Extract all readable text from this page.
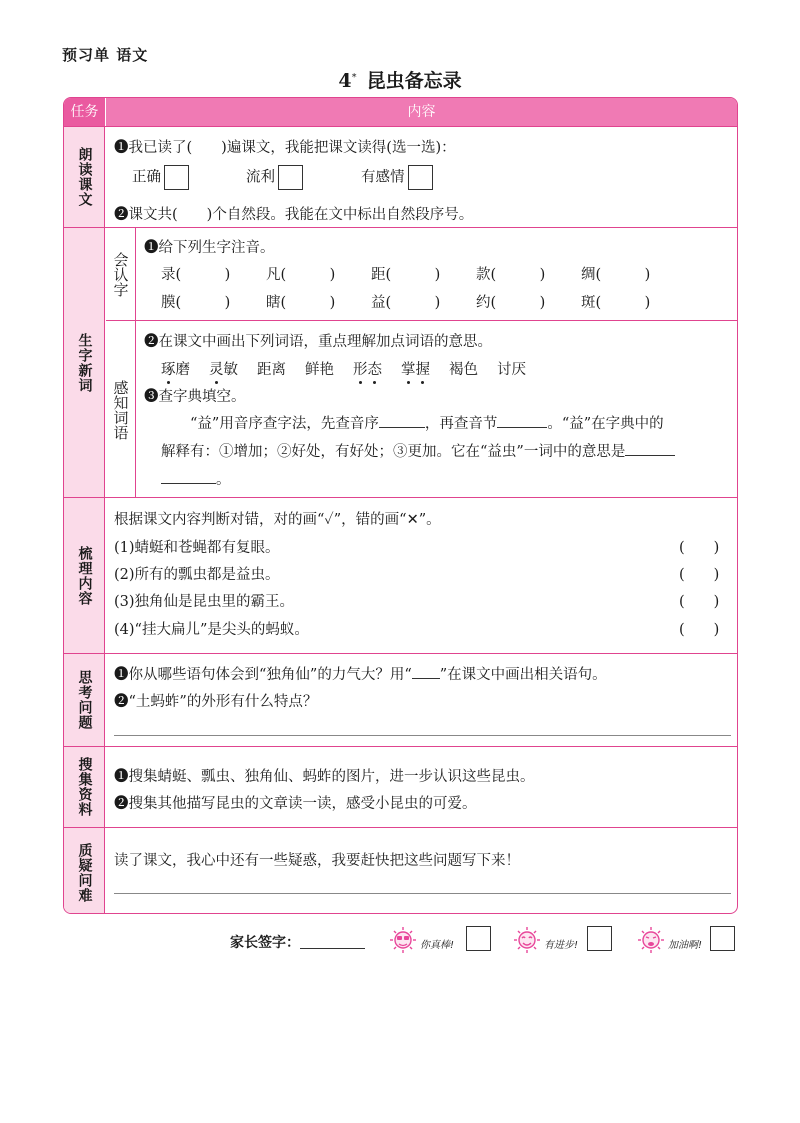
预习单 语文
4* 昆虫备忘录
任务	内容
朗读课文 ❶我已读了(　　)遍课文，我能把课文读得(选一选)：
正确	流利	有感情
❷课文共(　　)个自然段。我能在文中标出自然段序号。
生字新词
会认字
感知词语
❶给下列生字注音。
录(　　　) 凡(　　　) 距(　　　) 款(　　　) 绸(　　　)
膜(　　　) 瞎(　　　) 益(　　　) 约(　　　) 斑(　　　)
❷在课文中画出下列词语，重点理解加点词语的意思。
琢磨 灵敏 距离 鲜艳 形态 掌握 褐色 讨厌
❸查字典填空。
“益”用音序查字法，先查音序	，再查音节	。“益”在字典中的
解释有：①增加；②好处，有好处；③更加。它在“益虫”一词中的意思是
。
梳理内容
根据课文内容判断对错，对的画“✓”，错的画“✕”。
(1)蜻蜓和苍蝇都有复眼。	(　　)
(2)所有的瓢虫都是益虫。	(　　)
(3)独角仙是昆虫里的霸王。	(　　)
(4)“挂大扁儿”是尖头的蚂蚁。	(　　)
思考问题 ❶你从哪些语句体会到“独角仙”的力气大？用“ ”在课文中画出相关语句。
❷“土蚂蚱”的外形有什么特点？
搜集资料 ❶搜集蜻蜓、瓢虫、独角仙、蚂蚱的图片，进一步认识这些昆虫。
❷搜集其他描写昆虫的文章读一读，感受小昆虫的可爱。
质疑问难 读了课文，我心中还有一些疑惑，我要赶快把这些问题写下来！
家长签字：	你真棒!	有进步!	加油啊!
